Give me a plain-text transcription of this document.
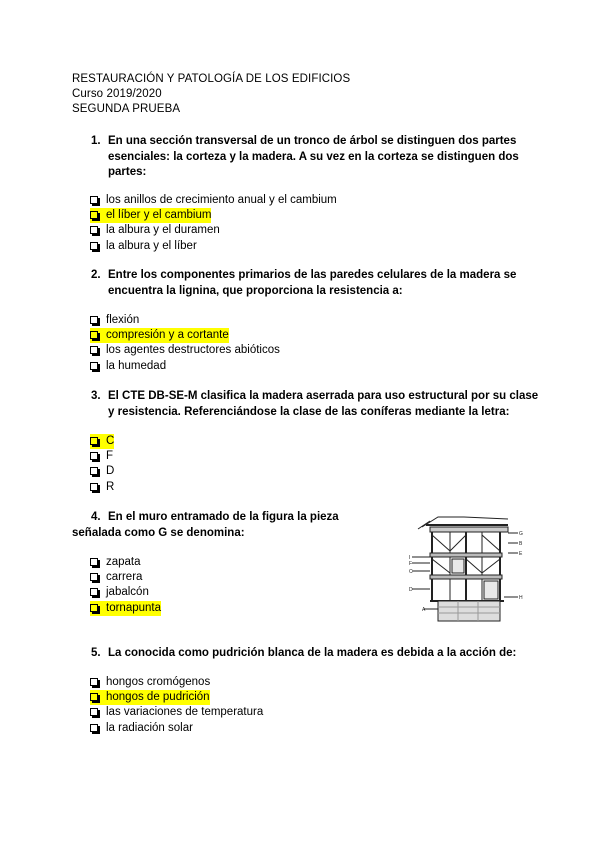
RESTAURACIÓN Y PATOLOGÍA DE LOS EDIFICIOS
Curso 2019/2020
SEGUNDA PRUEBA
1. En una sección transversal de un tronco de árbol se distinguen dos partes
esenciales: la corteza y la madera. A su vez en la corteza se distinguen dos
partes:
los anillos de crecimiento anual y el cambium
el líber y el cambium
la albura y el duramen
la albura y el líber
2. Entre los componentes primarios de las paredes celulares de la madera se
encuentra la lignina, que proporciona la resistencia a:
flexión
compresión y a cortante
los agentes destructores abióticos
la humedad
3. El CTE DB-SE-M clasifica la madera aserrada para uso estructural por su clase
y resistencia. Referenciándose la clase de las coníferas mediante la letra:
C
F
D
R
4. En el muro entramado de la figura la pieza
señalada como G se denomina:
zapata
carrera
jabalcón
tornapunta
G
B
E
I
F
C
D
H
A
5. La conocida como pudrición blanca de la madera es debida a la acción de:
hongos cromógenos
hongos de pudrición
las variaciones de temperatura
la radiación solar
